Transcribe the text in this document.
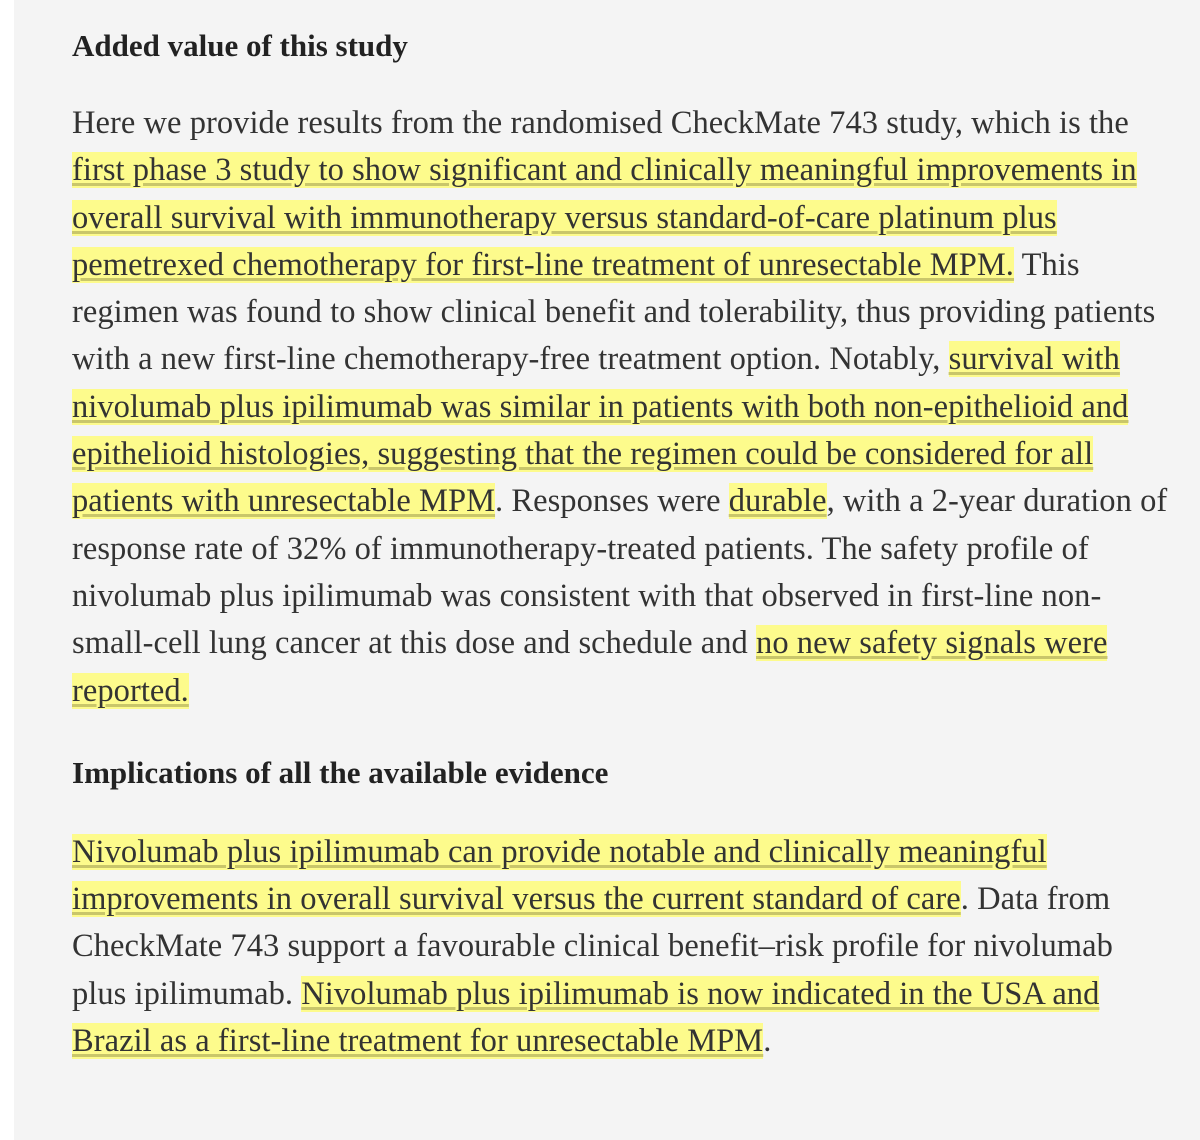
Added value of this study

Here we provide results from the randomised CheckMate 743 study, which is the first phase 3 study to show significant and clinically meaningful improvements in overall survival with immunotherapy versus standard-of-care platinum plus pemetrexed chemotherapy for first-line treatment of unresectable MPM. This regimen was found to show clinical benefit and tolerability, thus providing patients with a new first-line chemotherapy-free treatment option. Notably, survival with nivolumab plus ipilimumab was similar in patients with both non-epithelioid and epithelioid histologies, suggesting that the regimen could be considered for all patients with unresectable MPM. Responses were durable, with a 2-year duration of response rate of 32% of immunotherapy-treated patients. The safety profile of nivolumab plus ipilimumab was consistent with that observed in first-line non-small-cell lung cancer at this dose and schedule and no new safety signals were reported.

Implications of all the available evidence

Nivolumab plus ipilimumab can provide notable and clinically meaningful improvements in overall survival versus the current standard of care. Data from CheckMate 743 support a favourable clinical benefit–risk profile for nivolumab plus ipilimumab. Nivolumab plus ipilimumab is now indicated in the USA and Brazil as a first-line treatment for unresectable MPM.
